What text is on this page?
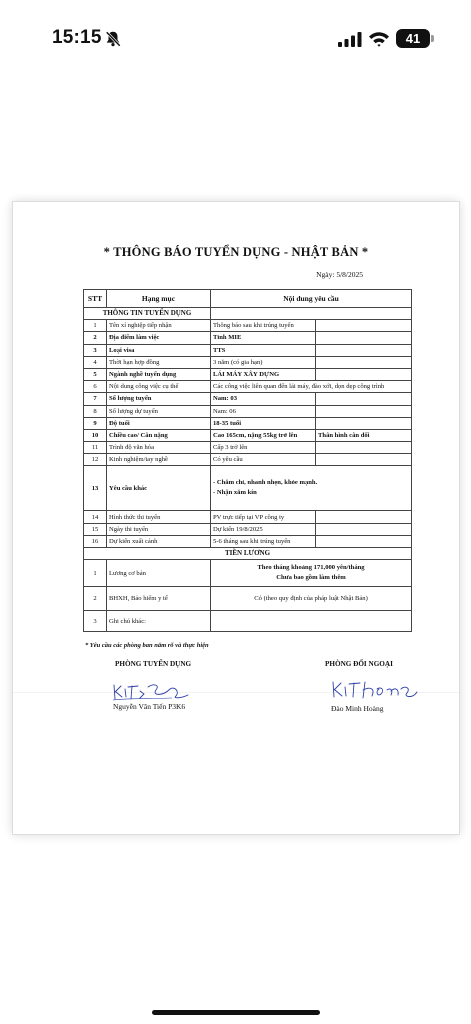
15:15	41
* THÔNG BÁO TUYỂN DỤNG - NHẬT BẢN *
Ngày: 5/8/2025
STT	Hạng mục	Nội dung yêu cầu	
THÔNG TIN TUYỂN DỤNG			
1	Tên xí nghiệp tiếp nhận	Thông báo sau khi trúng tuyển	
2	Địa điểm làm việc	Tỉnh MIE	
3	Loại visa	TTS	
4	Thời hạn hợp đồng	3 năm (có gia hạn)	
5	Ngành nghề tuyển dụng	LÁI MÁY XÂY DỰNG	
6	Nội dung công việc cụ thể	Các công việc liên quan đến lái máy, đào xới, dọn dẹp công trình	
7	Số lượng tuyển	Nam: 03	
8	Số lượng dự tuyển	Nam: 06	
9	Độ tuổi	18-35 tuổi	
10	Chiều cao/ Cân nặng	Cao 165cm, nặng 55kg trở lên	Thân hình cân đối
11	Trình độ văn hóa	Cấp 3 trở lên	
12	Kinh nghiệm/tay nghề	Có yêu cầu	
13	Yêu cầu khác	- Chăm chỉ, nhanh nhẹn, khỏe mạnh.
- Nhận xăm kín	

14	Hình thức thi tuyển	PV trực tiếp tại VP công ty	
15	Ngày thi tuyển	Dự kiến 19/8/2025	
16	Dự kiến xuất cảnh	5-6 tháng sau khi trúng tuyển	
TIỀN LƯƠNG			
1	Lương cơ bản	Theo tháng khoảng 171,000 yên/tháng
Chưa bao gồm làm thêm	

2	BHXH, Bảo hiểm y tế	Có (theo quy định của pháp luật Nhật Bản)	
3	Ghi chú khác:		
* Yêu cầu các phòng ban nắm rõ và thực hiện
PHÒNG TUYỂN DỤNG	PHÒNG ĐỐI NGOẠI
Nguyễn Văn Tiến P3K6	Đào Minh Hoàng
